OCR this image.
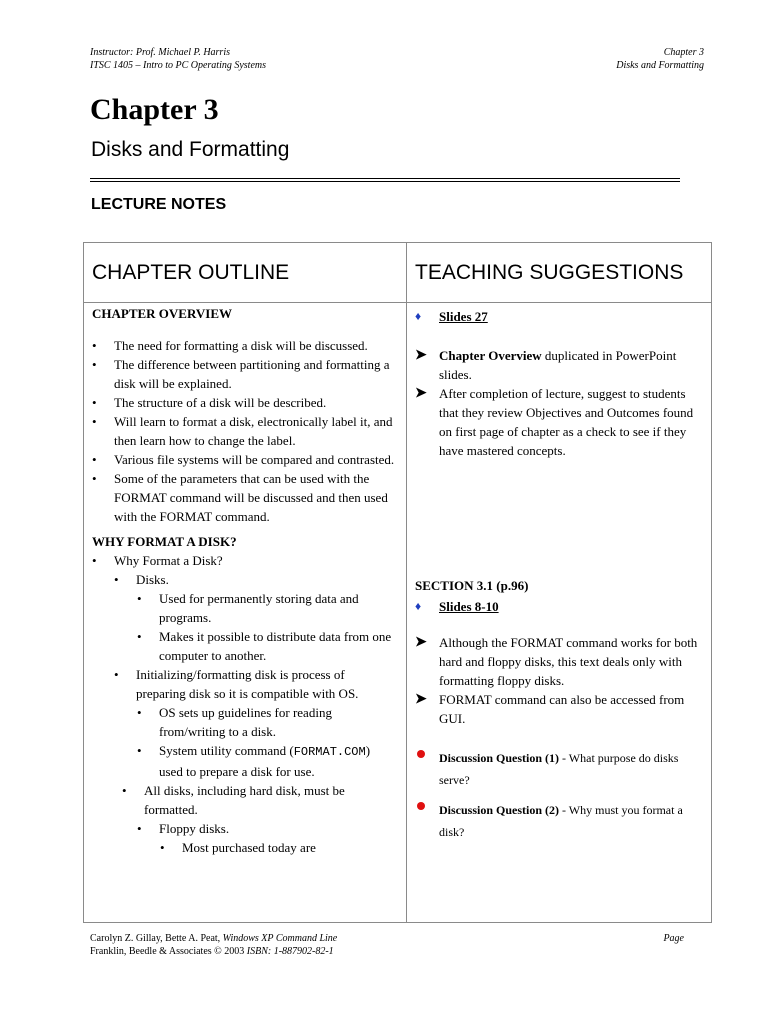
Instructor: Prof. Michael P. Harris
ITSC 1405 – Intro to PC Operating Systems
Chapter 3
Disks and Formatting
Chapter 3
Disks and Formatting
LECTURE NOTES
CHAPTER OUTLINE	TEACHING SUGGESTIONS

CHAPTER OVERVIEW

• The need for formatting a disk will be discussed.
• The difference between partitioning and formatting a disk will be explained.
• The structure of a disk will be described.
• Will learn to format a disk, electronically label it, and then learn how to change the label.
• Various file systems will be compared and contrasted.
• Some of the parameters that can be used with the FORMAT command will be discussed and then used with the FORMAT command.

WHY FORMAT A DISK?

• Why Format a Disk?
• Disks.
• Used for permanently storing data and programs.
• Makes it possible to distribute data from one computer to another.
• Initializing/formatting disk is process of preparing disk so it is compatible with OS.
• OS sets up guidelines for reading from/writing to a disk.
• System utility command (FORMAT.COM) used to prepare a disk for use.
• All disks, including hard disk, must be formatted.
• Floppy disks.
• Most purchased today are
♦ Slides 27
➤ Chapter Overview duplicated in PowerPoint slides.
➤ After completion of lecture, suggest to students that they review Objectives and Outcomes found on first page of chapter as a check to see if they have mastered concepts.

SECTION 3.1 (p.96)

♦ Slides 8-10
➤ Although the FORMAT command works for both hard and floppy disks, this text deals only with formatting floppy disks.
➤ FORMAT command can also be accessed from GUI.
Discussion Question (1) - What purpose do disks serve?
Discussion Question (2) - Why must you format a disk?
Carolyn Z. Gillay, Bette A. Peat, Windows XP Command Line
Franklin, Beedle & Associates © 2003 ISBN: 1-887902-82-1
Page
